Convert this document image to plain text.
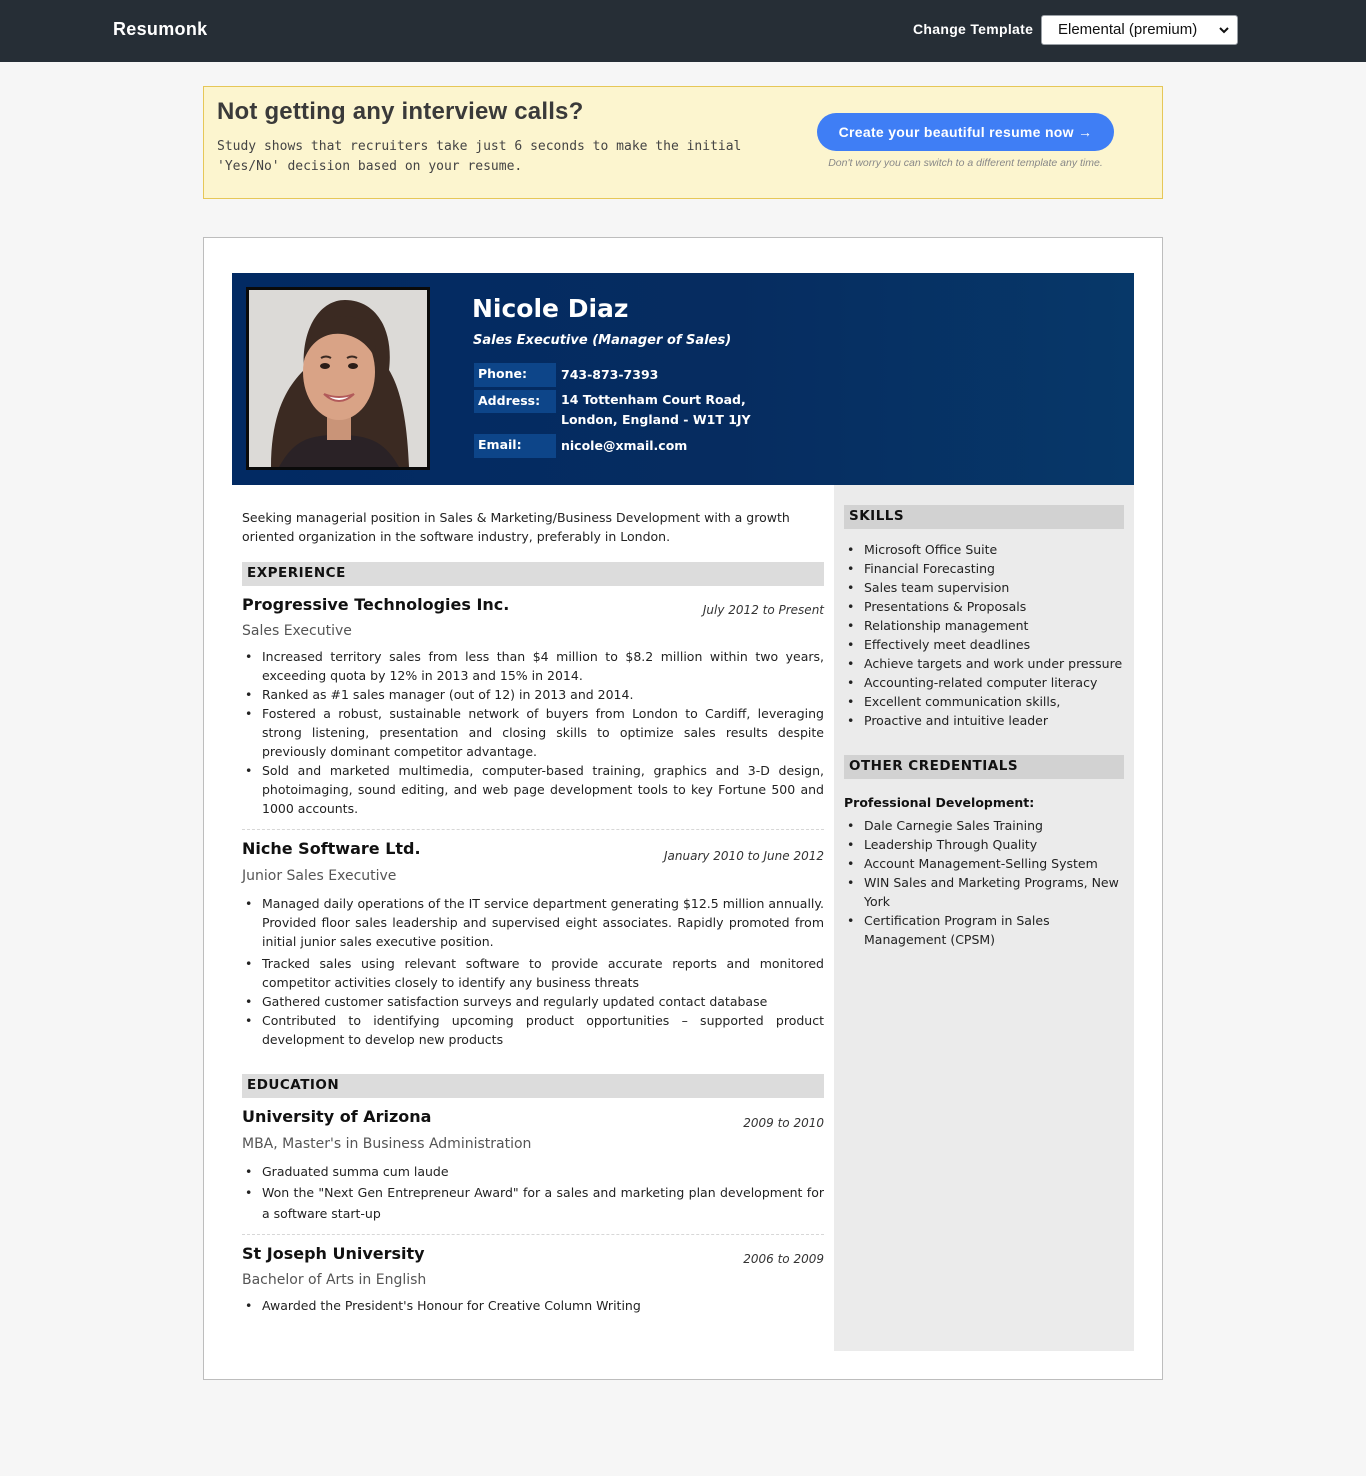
Resumonk	Change Template	Elemental (premium)
Not getting any interview calls?

Study shows that recruiters take just 6 seconds to make the initial 'Yes/No' decision based on your resume.

Create your beautiful resume now →
Don't worry you can switch to a different template any time.
Nicole Diaz
Sales Executive (Manager of Sales)
Phone:	743-873-7393
Address:	14 Tottenham Court Road,
London, England - W1T 1JY
Email:	nicole@xmail.com
Seeking managerial position in Sales & Marketing/Business Development with a growth oriented organization in the software industry, preferably in London.
EXPERIENCE
Progressive Technologies Inc.	July 2012 to Present
Sales Executive
• Increased territory sales from less than $4 million to $8.2 million within two years, exceeding quota by 12% in 2013 and 15% in 2014.
• Ranked as #1 sales manager (out of 12) in 2013 and 2014.
• Fostered a robust, sustainable network of buyers from London to Cardiff, leveraging strong listening, presentation and closing skills to optimize sales results despite previously dominant competitor advantage.
• Sold and marketed multimedia, computer-based training, graphics and 3-D design, photoimaging, sound editing, and web page development tools to key Fortune 500 and 1000 accounts.
Niche Software Ltd.	January 2010 to June 2012
Junior Sales Executive
• Managed daily operations of the IT service department generating $12.5 million annually. Provided floor sales leadership and supervised eight associates. Rapidly promoted from initial junior sales executive position.
• Tracked sales using relevant software to provide accurate reports and monitored competitor activities closely to identify any business threats
• Gathered customer satisfaction surveys and regularly updated contact database
• Contributed to identifying upcoming product opportunities – supported product development to develop new products
EDUCATION
University of Arizona	2009 to 2010
MBA, Master's in Business Administration
• Graduated summa cum laude
• Won the "Next Gen Entrepreneur Award" for a sales and marketing plan development for a software start-up
St Joseph University	2006 to 2009
Bachelor of Arts in English
• Awarded the President's Honour for Creative Column Writing
SKILLS
• Microsoft Office Suite
• Financial Forecasting
• Sales team supervision
• Presentations & Proposals
• Relationship management
• Effectively meet deadlines
• Achieve targets and work under pressure
• Accounting-related computer literacy
• Excellent communication skills,
• Proactive and intuitive leader
OTHER CREDENTIALS
Professional Development:
• Dale Carnegie Sales Training
• Leadership Through Quality
• Account Management-Selling System
• WIN Sales and Marketing Programs, New York
• Certification Program in Sales Management (CPSM)
